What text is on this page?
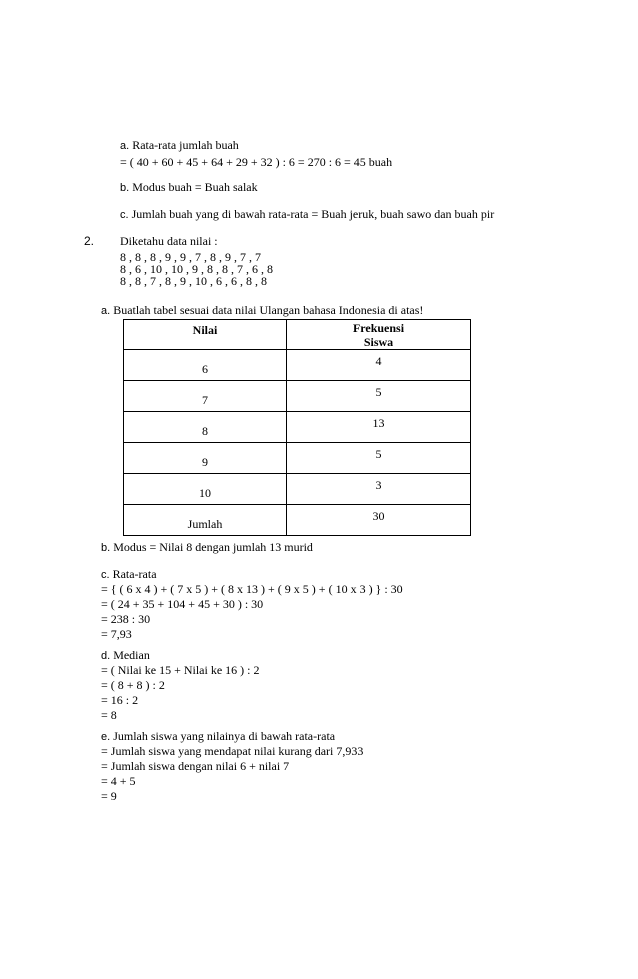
a. Rata-rata jumlah buah
= ( 40 + 60 + 45 + 64 + 29 + 32 ) : 6 = 270 : 6 = 45 buah
b. Modus buah = Buah salak
c. Jumlah buah yang di bawah rata-rata = Buah jeruk, buah sawo dan buah pir
2. Diketahu data nilai :
8 , 8 , 8 , 9 , 9 , 7 , 8 , 9 , 7 , 7
8 , 6 , 10 , 10 , 9 , 8 , 8 , 7 , 6 , 8
8 , 8 , 7 , 8 , 9 , 10 , 6 , 6 , 8 , 8
a. Buatlah tabel sesuai data nilai Ulangan bahasa Indonesia di atas!
Nilai	Frekuensi
Siswa

6	4

7	5

8	13

9	5

10	3

Jumlah	30
b. Modus = Nilai 8 dengan jumlah 13 murid
c. Rata-rata
= { ( 6 x 4 ) + ( 7 x 5 ) + ( 8 x 13 ) + ( 9 x 5 ) + ( 10 x 3 ) } : 30
= ( 24 + 35 + 104 + 45 + 30 ) : 30
= 238 : 30
= 7,93
d. Median
= ( Nilai ke 15 + Nilai ke 16 ) : 2
= ( 8 + 8 ) : 2
= 16 : 2
= 8
e. Jumlah siswa yang nilainya di bawah rata-rata
= Jumlah siswa yang mendapat nilai kurang dari 7,933
= Jumlah siswa dengan nilai 6 + nilai 7
= 4 + 5
= 9
